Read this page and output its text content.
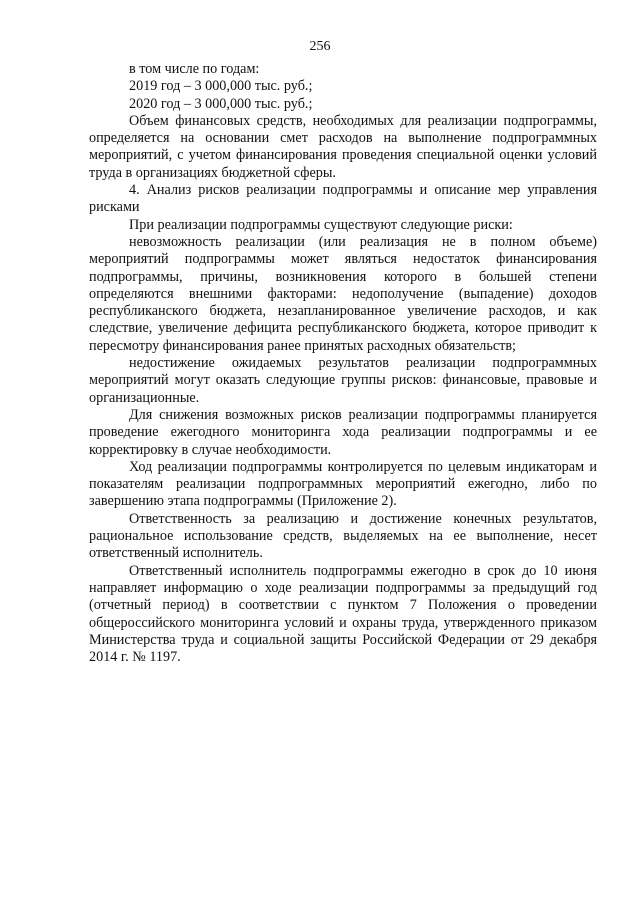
256

в том числе по годам:

2019 год – 3 000,000 тыс. руб.;

2020 год – 3 000,000 тыс. руб.;

Объем финансовых средств, необходимых для реализации подпрограммы, определяется на основании смет расходов на выполнение подпрограммных мероприятий, с учетом финансирования проведения специальной оценки условий труда в организациях бюджетной сферы.

4. Анализ рисков реализации подпрограммы и описание мер управления рисками

При реализации подпрограммы существуют следующие риски:

невозможность реализации (или реализация не в полном объеме) мероприятий подпрограммы может являться недостаток финансирования подпрограммы, причины, возникновения которого в большей степени определяются внешними факторами: недополучение (выпадение) доходов республиканского бюджета, незапланированное увеличение расходов, и как следствие, увеличение дефицита республиканского бюджета, которое приводит к пересмотру финансирования ранее принятых расходных обязательств;

недостижение ожидаемых результатов реализации подпрограммных мероприятий могут оказать следующие группы рисков: финансовые, правовые и организационные.

Для снижения возможных рисков реализации подпрограммы планируется проведение ежегодного мониторинга хода реализации подпрограммы и ее корректировку в случае необходимости.

Ход реализации подпрограммы контролируется по целевым индикаторам и показателям реализации подпрограммных мероприятий ежегодно, либо по завершению этапа подпрограммы (Приложение 2).

Ответственность за реализацию и достижение конечных результатов, рациональное использование средств, выделяемых на ее выполнение, несет ответственный исполнитель.

Ответственный исполнитель подпрограммы ежегодно в срок до 10 июня направляет информацию о ходе реализации подпрограммы за предыдущий год (отчетный период) в соответствии с пунктом 7 Положения о проведении общероссийского мониторинга условий и охраны труда, утвержденного приказом Министерства труда и социальной защиты Российской Федерации от 29 декабря 2014 г. № 1197.
